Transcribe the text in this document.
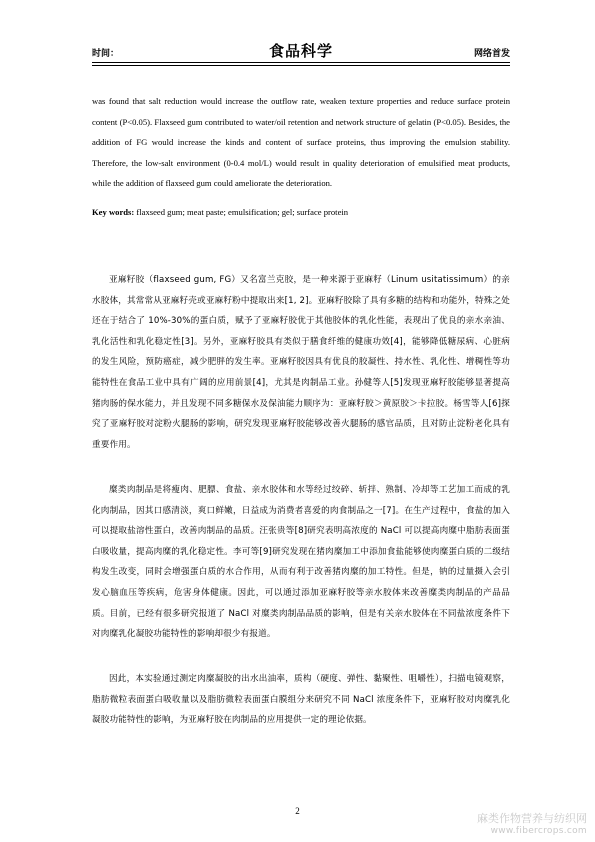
时间：	食品科学	网络首发
was found that salt reduction would increase the outflow rate, weaken texture properties and reduce surface protein content (P<0.05). Flaxseed gum contributed to water/oil retention and network structure of gelatin (P<0.05). Besides, the addition of FG would increase the kinds and content of surface proteins, thus improving the emulsion stability. Therefore, the low-salt environment (0-0.4 mol/L) would result in quality deterioration of emulsified meat products, while the addition of flaxseed gum could ameliorate the deterioration.
Key words: flaxseed gum; meat paste; emulsification; gel; surface protein

亚麻籽胶（flaxseed gum, FG）又名富兰克胶，是一种来源于亚麻籽（Linum usitatissimum）的亲水胶体，其常常从亚麻籽壳或亚麻籽粉中提取出来[1, 2]。亚麻籽胶除了具有多糖的结构和功能外，特殊之处还在于结合了 10%-30%的蛋白质，赋予了亚麻籽胶优于其他胶体的乳化性能，表现出了优良的亲水亲油、乳化活性和乳化稳定性[3]。另外，亚麻籽胶具有类似于膳食纤维的健康功效[4]，能够降低糖尿病、心脏病的发生风险，预防癌症，减少肥胖的发生率。亚麻籽胶因具有优良的胶凝性、持水性、乳化性、增稠性等功能特性在食品工业中具有广阔的应用前景[4]，尤其是肉制品工业。孙健等人[5]发现亚麻籽胶能够显著提高猪肉肠的保水能力，并且发现不同多糖保水及保油能力顺序为：亚麻籽胶＞黄原胶＞卡拉胶。杨雪等人[6]探究了亚麻籽胶对淀粉火腿肠的影响，研究发现亚麻籽胶能够改善火腿肠的感官品质，且对防止淀粉老化具有重要作用。

糜类肉制品是将瘦肉、肥膘、食盐、亲水胶体和水等经过绞碎、斩拌、熟制、冷却等工艺加工而成的乳化肉制品，因其口感清淡，爽口鲜嫩，日益成为消费者喜爱的肉食制品之一[7]。在生产过程中，食盐的加入可以提取盐溶性蛋白，改善肉制品的品质。汪张贵等[8]研究表明高浓度的 NaCl 可以提高肉糜中脂肪表面蛋白吸收量，提高肉糜的乳化稳定性。李可等[9]研究发现在猪肉糜加工中添加食盐能够使肉糜蛋白质的二级结构发生改变，同时会增强蛋白质的水合作用，从而有利于改善猪肉糜的加工特性。但是，钠的过量摄入会引发心脑血压等疾病，危害身体健康。因此，可以通过添加亚麻籽胶等亲水胶体来改善糜类肉制品的产品品质。目前，已经有很多研究报道了 NaCl 对糜类肉制品品质的影响，但是有关亲水胶体在不同盐浓度条件下对肉糜乳化凝胶功能特性的影响却很少有报道。

因此，本实验通过测定肉糜凝胶的出水出油率，质构（硬度、弹性、黏聚性、咀嚼性），扫描电镜观察，脂肪微粒表面蛋白吸收量以及脂肪微粒表面蛋白膜组分来研究不同 NaCl 浓度条件下，亚麻籽胶对肉糜乳化凝胶功能特性的影响，为亚麻籽胶在肉制品的应用提供一定的理论依据。

2
麻类作物营养与纺织网
www.fibercrops.com
